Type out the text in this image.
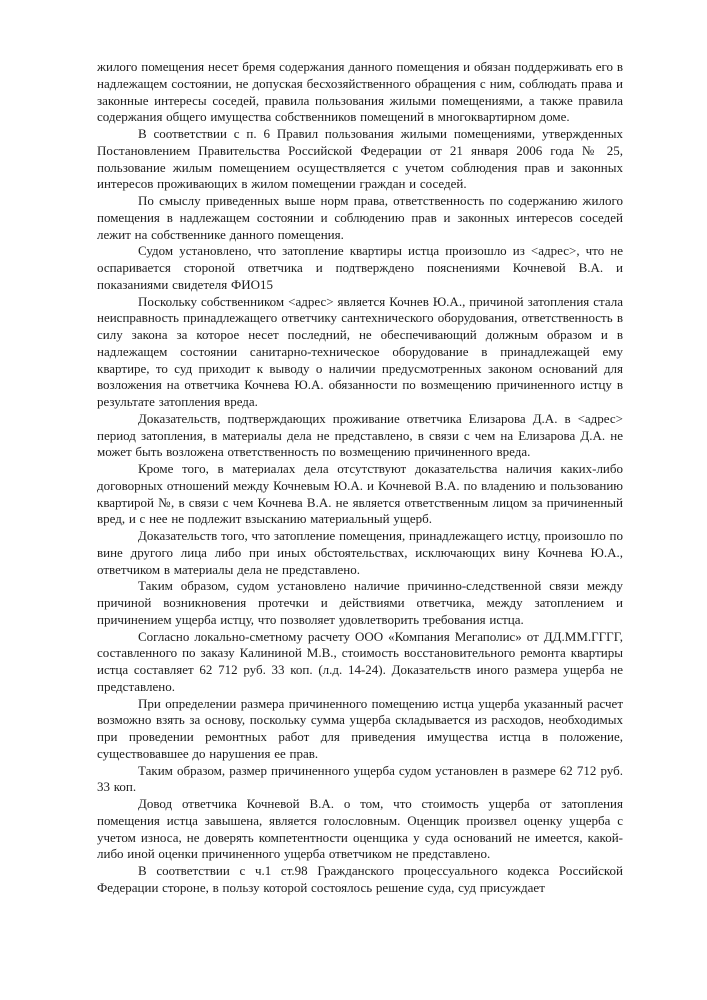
жилого помещения несет бремя содержания данного помещения и обязан поддерживать его в надлежащем состоянии, не допуская бесхозяйственного обращения с ним, соблюдать права и законные интересы соседей, правила пользования жилыми помещениями, а также правила содержания общего имущества собственников помещений в многоквартирном доме.

В соответствии с п. 6 Правил пользования жилыми помещениями, утвержденных Постановлением Правительства Российской Федерации от 21 января 2006 года № 25, пользование жилым помещением осуществляется с учетом соблюдения прав и законных интересов проживающих в жилом помещении граждан и соседей.

По смыслу приведенных выше норм права, ответственность по содержанию жилого помещения в надлежащем состоянии и соблюдению прав и законных интересов соседей лежит на собственнике данного помещения.

Судом установлено, что затопление квартиры истца произошло из <адрес>, что не оспаривается стороной ответчика и подтверждено пояснениями Кочневой В.А. и показаниями свидетеля ФИО15

Поскольку собственником <адрес> является Кочнев Ю.А., причиной затопления стала неисправность принадлежащего ответчику сантехнического оборудования, ответственность в силу закона за которое несет последний, не обеспечивающий должным образом и в надлежащем состоянии санитарно-техническое оборудование в принадлежащей ему квартире, то суд приходит к выводу о наличии предусмотренных законом оснований для возложения на ответчика Кочнева Ю.А. обязанности по возмещению причиненного истцу в результате затопления вреда.

Доказательств, подтверждающих проживание ответчика Елизарова Д.А. в <адрес> период затопления, в материалы дела не представлено, в связи с чем на Елизарова Д.А. не может быть возложена ответственность по возмещению причиненного вреда.

Кроме того, в материалах дела отсутствуют доказательства наличия каких-либо договорных отношений между Кочневым Ю.А. и Кочневой В.А. по владению и пользованию квартирой №, в связи с чем Кочнева В.А. не является ответственным лицом за причиненный вред, и с нее не подлежит взысканию материальный ущерб.

Доказательств того, что затопление помещения, принадлежащего истцу, произошло по вине другого лица либо при иных обстоятельствах, исключающих вину Кочнева Ю.А., ответчиком в материалы дела не представлено.

Таким образом, судом установлено наличие причинно-следственной связи между причиной возникновения протечки и действиями ответчика, между затоплением и причинением ущерба истцу, что позволяет удовлетворить требования истца.

Согласно локально-сметному расчету ООО «Компания Мегаполис» от ДД.ММ.ГГГГ, составленного по заказу Калининой М.В., стоимость восстановительного ремонта квартиры истца составляет 62 712 руб. 33 коп. (л.д. 14-24). Доказательств иного размера ущерба не представлено.

При определении размера причиненного помещению истца ущерба указанный расчет возможно взять за основу, поскольку сумма ущерба складывается из расходов, необходимых при проведении ремонтных работ для приведения имущества истца в положение, существовавшее до нарушения ее прав.

Таким образом, размер причиненного ущерба судом установлен в размере 62 712 руб. 33 коп.

Довод ответчика Кочневой В.А. о том, что стоимость ущерба от затопления помещения истца завышена, является голословным. Оценщик произвел оценку ущерба с учетом износа, не доверять компетентности оценщика у суда оснований не имеется, какой-либо иной оценки причиненного ущерба ответчиком не представлено.

В соответствии с ч.1 ст.98 Гражданского процессуального кодекса Российской Федерации стороне, в пользу которой состоялось решение суда, суд присуждает
